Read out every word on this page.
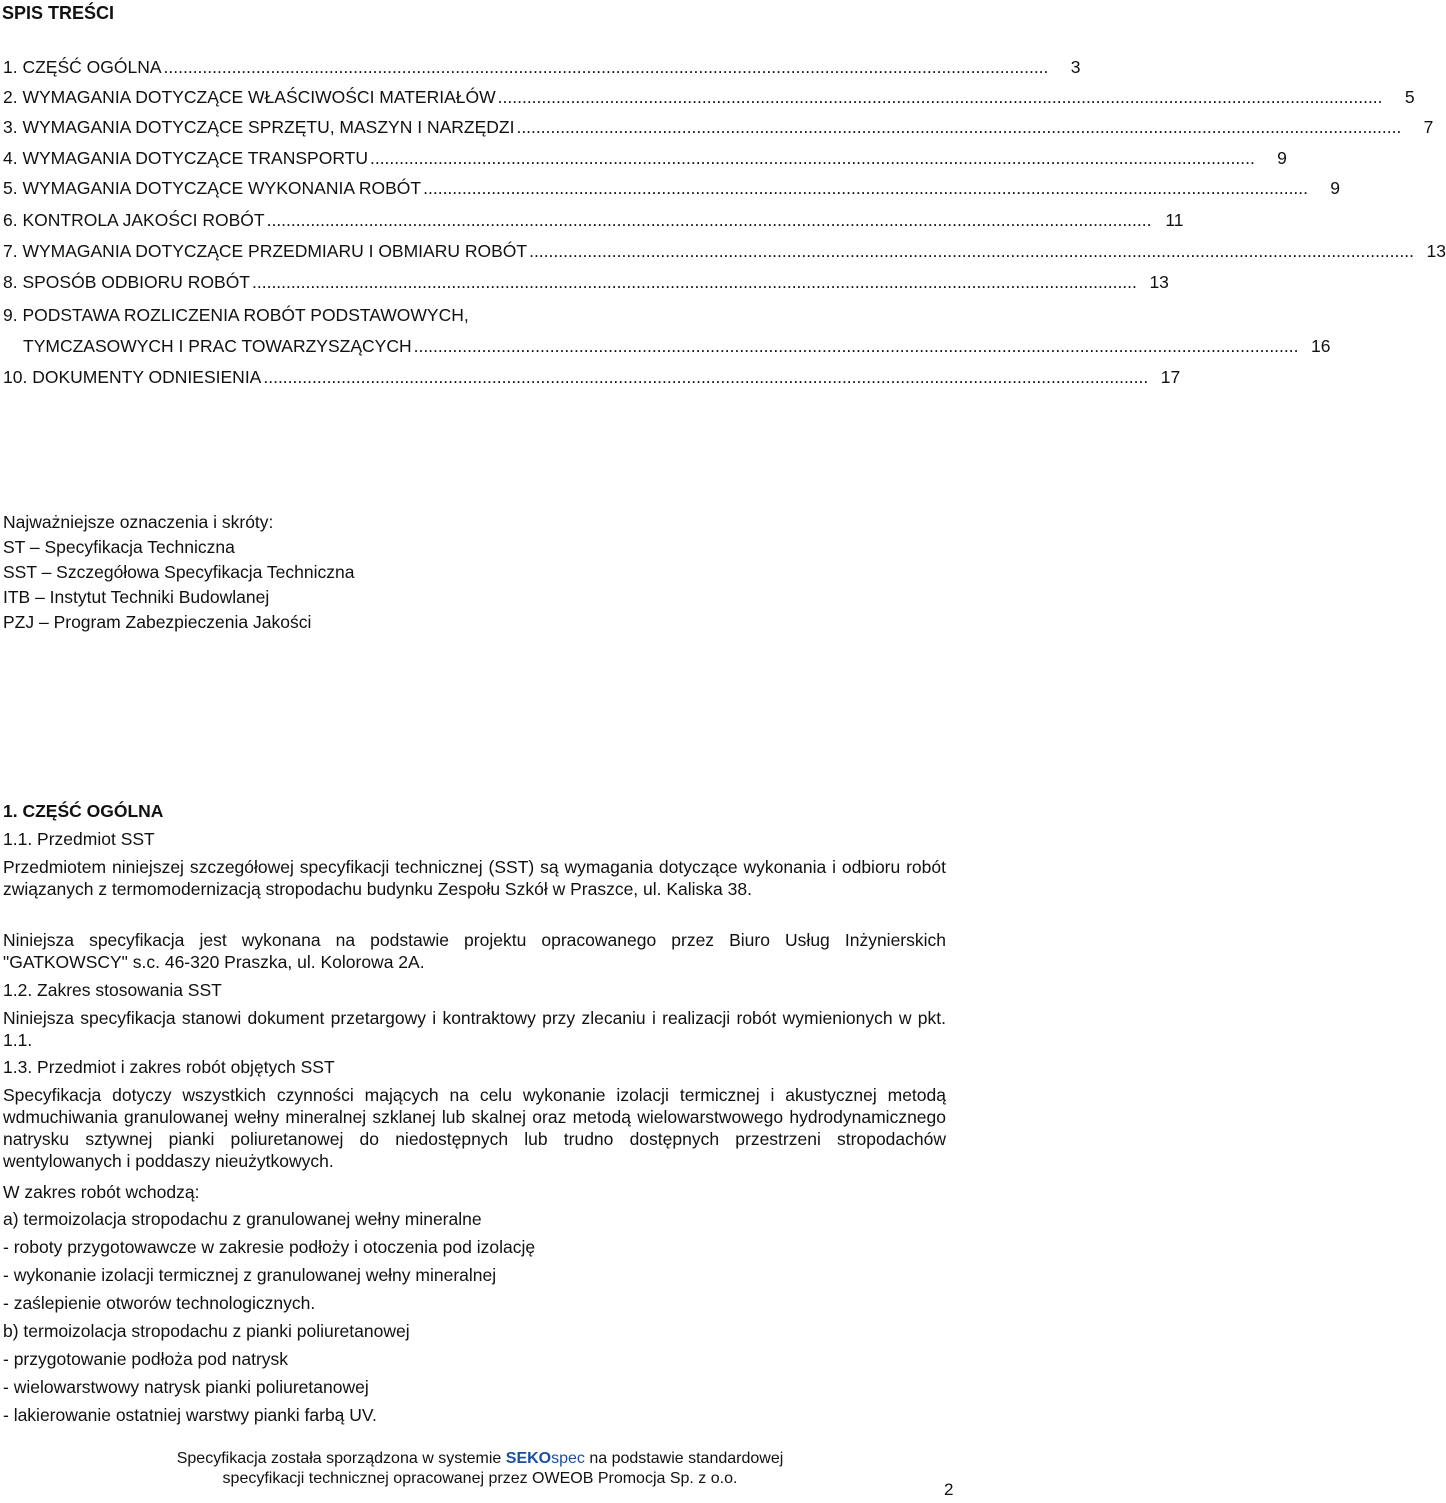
SPIS TREŚCI
1. CZĘŚĆ OGÓLNA ......................................................................................................................................................................................	3
2. WYMAGANIA DOTYCZĄCE WŁAŚCIWOŚCI MATERIAŁÓW ......................................................................................................................................................................................	5
3. WYMAGANIA DOTYCZĄCE SPRZĘTU, MASZYN I NARZĘDZI ......................................................................................................................................................................................	7
4. WYMAGANIA DOTYCZĄCE TRANSPORTU ......................................................................................................................................................................................	9
5. WYMAGANIA DOTYCZĄCE WYKONANIA ROBÓT ......................................................................................................................................................................................	9
6. KONTROLA JAKOŚCI ROBÓT ...................................................................................................................................................................................... 11
7. WYMAGANIA DOTYCZĄCE PRZEDMIARU I OBMIARU ROBÓT ...................................................................................................................................................................................... 13
8. SPOSÓB ODBIORU ROBÓT ...................................................................................................................................................................................... 13
9. PODSTAWA ROZLICZENIA ROBÓT PODSTAWOWYCH,
TYMCZASOWYCH I PRAC TOWARZYSZĄCYCH ...................................................................................................................................................................................... 16
10. DOKUMENTY ODNIESIENIA ...................................................................................................................................................................................... 17
Najważniejsze oznaczenia i skróty:
ST – Specyfikacja Techniczna
SST – Szczegółowa Specyfikacja Techniczna
ITB – Instytut Techniki Budowlanej
PZJ – Program Zabezpieczenia Jakości
1. CZĘŚĆ OGÓLNA
1.1. Przedmiot SST
Przedmiotem niniejszej szczegółowej specyfikacji technicznej (SST) są wymagania dotyczące wykonania i odbioru robót związanych z termomodernizacją stropodachu budynku Zespołu Szkół w Praszce, ul. Kaliska 38.
Niniejsza specyfikacja jest wykonana na podstawie projektu opracowanego przez Biuro Usług Inżynierskich "GATKOWSCY" s.c. 46-320 Praszka, ul. Kolorowa 2A.
1.2. Zakres stosowania SST
Niniejsza specyfikacja stanowi dokument przetargowy i kontraktowy przy zlecaniu i realizacji robót wymienionych w pkt. 1.1.
1.3. Przedmiot i zakres robót objętych SST
Specyfikacja dotyczy wszystkich czynności mających na celu wykonanie izolacji termicznej i akustycznej metodą wdmuchiwania granulowanej wełny mineralnej szklanej lub skalnej oraz metodą wielowarstwowego hydrodynamicznego natrysku sztywnej pianki poliuretanowej do niedostępnych lub trudno dostępnych przestrzeni stropodachów wentylowanych i poddaszy nieużytkowych.
W zakres robót wchodzą:
a) termoizolacja stropodachu z granulowanej wełny mineralne
- roboty przygotowawcze w zakresie podłoży i otoczenia pod izolację
- wykonanie izolacji termicznej z granulowanej wełny mineralnej
- zaślepienie otworów technologicznych.
b) termoizolacja stropodachu z pianki poliuretanowej
- przygotowanie podłoża pod natrysk
- wielowarstwowy natrysk pianki poliuretanowej
- lakierowanie ostatniej warstwy pianki farbą UV.
Specyfikacja została sporządzona w systemie SEKOspec na podstawie standardowej
specyfikacji technicznej opracowanej przez OWEOB Promocja Sp. z o.o.
2
